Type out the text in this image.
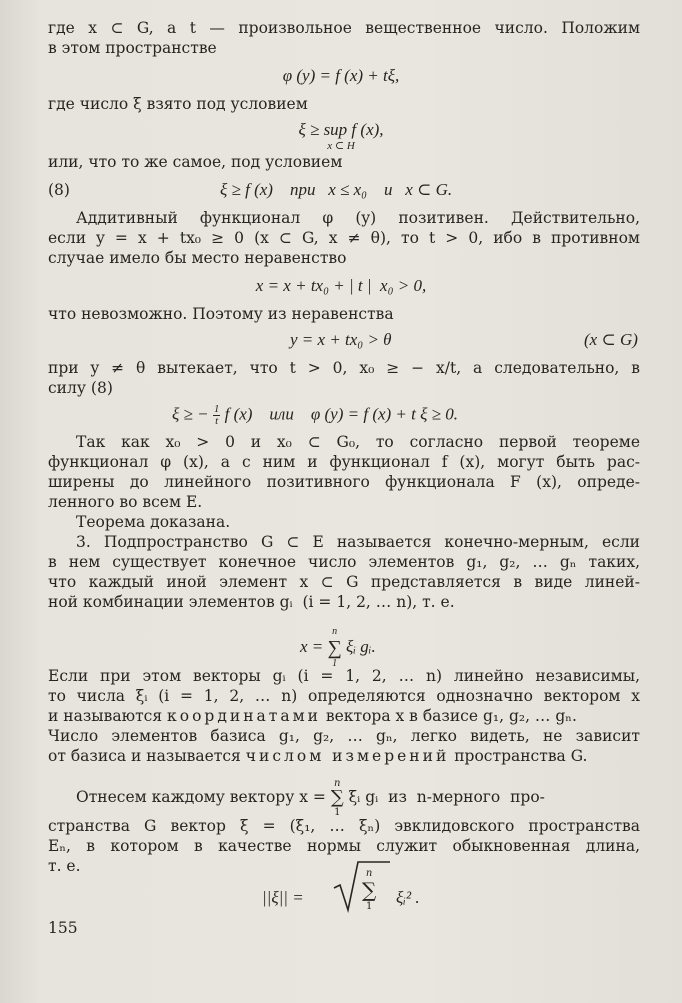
где x ⊂ G, а t — произвольное вещественное число. Положим
в этом пространстве
φ (y) = f (x) + tξ,
где число ξ взято под условием
ξ ≥ sup f (x),
x ⊂ H
или, что то же самое, под условием
(8)	ξ ≥ f (x)    при   x ≤ x₀    и   x ⊂ G.
Аддитивный функционал φ (y) позитивен. Действительно,
если y = x + tx₀ ≥ 0 (x ⊂ G, x ≠ θ), то t > 0, ибо в противном
случае имело бы место неравенство
x = x + tx₀ + | t |  x₀ > 0,
что невозможно. Поэтому из неравенства
y = x + tx₀ > θ	(x ⊂ G)
при y ≠ θ вытекает, что t > 0, x₀ ≥ − x/t, а следовательно, в
силу (8)
ξ ≥ − $\frac{1}{t}$ f (x)    или    φ (y) = f (x) + t ξ ≥ 0.
Так как x₀ > 0 и x₀ ⊂ G₀, то согласно первой теореме
функционал φ (x), а с ним и функционал f (x), могут быть рас-
ширены до линейного позитивного функционала F (x), опреде-
ленного во всем E.
Теорема доказана.
3. Подпространство G ⊂ E называется конечно-мерным, если
в нем существует конечное число элементов g₁, g₂, … gₙ таких,
что каждый иной элемент x ⊂ G представляется в виде линей-
ной комбинации элементов gᵢ  (i = 1, 2, … n), т. е.
x =
n
∑
1
ξᵢ gᵢ.
Если при этом векторы gᵢ (i = 1, 2, … n) линейно независимы,
то числа ξᵢ (i = 1, 2, … n) определяются однозначно вектором x
и называются координатами вектора x в базисе g₁, g₂, … gₙ.
Число элементов базиса g₁, g₂, … gₙ, легко видеть, не зависит
от базиса и называется числом измерений пространства G.
Отнесем каждому вектору x =
n
∑
1
ξᵢ gᵢ  из  n-мерного  про-
странства G вектор ξ = (ξ₁, … ξₙ) эвклидовского пространства
Eₙ, в котором в качестве нормы служит обыкновенная длина,
т. е.
||ξ|| =
n
∑
1 ξᵢ² .
155
